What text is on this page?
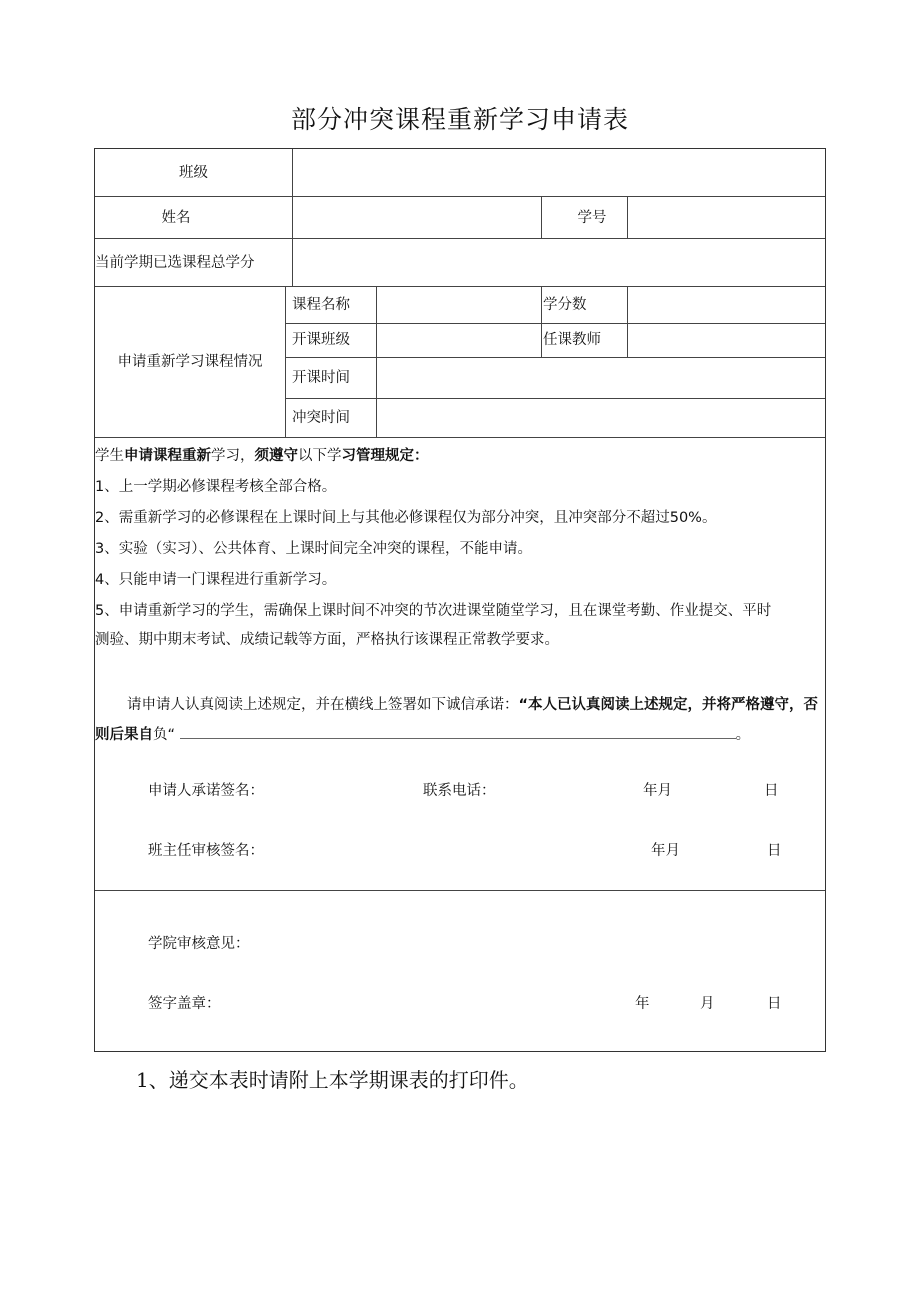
部分冲突课程重新学习申请表
班级
姓名	学号
当前学期已选课程总学分
申请重新学习课程情况
课程名称	学分数
开课班级	任课教师
开课时间
冲突时间

学生申请课程重新学习，须遵守以下学习管理规定：

1、上一学期必修课程考核全部合格。

2、需重新学习的必修课程在上课时间上与其他必修课程仅为部分冲突，且冲突部分不超过50%。

3、实验（实习）、公共体育、上课时间完全冲突的课程，不能申请。

4、只能申请一门课程进行重新学习。

5、申请重新学习的学生，需确保上课时间不冲突的节次进课堂随堂学习，且在课堂考勤、作业提交、平时

测验、期中期末考试、成绩记载等方面，严格执行该课程正常教学要求。

请申请人认真阅读上述规定，并在横线上签署如下诚信承诺：“本人已认真阅读上述规定，并将严格遵守，否则后果自负“	。
申请人承诺签名：	联系电话：	年月	日
班主任审核签名：	年月	日
学院审核意见：
签字盖章：	年	月	日
1、递交本表时请附上本学期课表的打印件。
